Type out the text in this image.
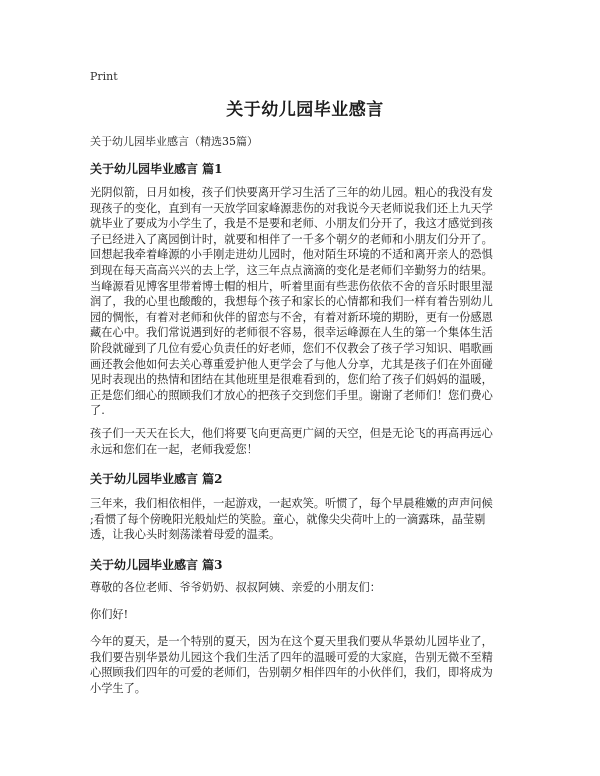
Print
关于幼儿园毕业感言
关于幼儿园毕业感言（精选35篇）
关于幼儿园毕业感言 篇1

光阴似箭，日月如梭，孩子们快要离开学习生活了三年的幼儿园。粗心的我没有发
现孩子的变化，直到有一天放学回家峰源悲伤的对我说今天老师说我们还上九天学
就毕业了要成为小学生了，我是不是要和老师、小朋友们分开了，我这才感觉到孩
子已经进入了离园倒计时，就要和相伴了一千多个朝夕的老师和小朋友们分开了。
回想起我牵着峰源的小手刚走进幼儿园时，他对陌生环境的不适和离开亲人的恐惧
到现在每天高高兴兴的去上学，这三年点点滴滴的变化是老师们辛勤努力的结果。
当峰源看见博客里带着博士帽的相片，听着里面有些悲伤依依不舍的音乐时眼里湿
润了，我的心里也酸酸的，我想每个孩子和家长的心情都和我们一样有着告别幼儿
园的惆怅，有着对老师和伙伴的留恋与不舍，有着对新环境的期盼，更有一份感恩
藏在心中。我们常说遇到好的老师很不容易，很幸运峰源在人生的第一个集体生活
阶段就碰到了几位有爱心负责任的好老师，您们不仅教会了孩子学习知识、唱歌画
画还教会他如何去关心尊重爱护他人更学会了与他人分享，尤其是孩子们在外面碰
见时表现出的热情和团结在其他班里是很难看到的，您们给了孩子们妈妈的温暖，
正是您们细心的照顾我们才放心的把孩子交到您们手里。谢谢了老师们！您们费心
了.

孩子们一天天在长大，他们将要飞向更高更广阔的天空，但是无论飞的再高再远心
永远和您们在一起，老师我爱您！

关于幼儿园毕业感言 篇2

三年来，我们相依相伴，一起游戏，一起欢笑。听惯了，每个早晨稚嫩的声声问候
;看惯了每个傍晚阳光般灿烂的笑脸。童心，就像尖尖荷叶上的一滴露珠，晶莹剔
透，让我心头时刻荡漾着母爱的温柔。

关于幼儿园毕业感言 篇3

尊敬的各位老师、爷爷奶奶、叔叔阿姨、亲爱的小朋友们：

你们好!

今年的夏天，是一个特别的夏天，因为在这个夏天里我们要从华景幼儿园毕业了，
我们要告别华景幼儿园这个我们生活了四年的温暖可爱的大家庭，告别无微不至精
心照顾我们四年的可爱的老师们，告别朝夕相伴四年的小伙伴们，我们，即将成为
小学生了。
